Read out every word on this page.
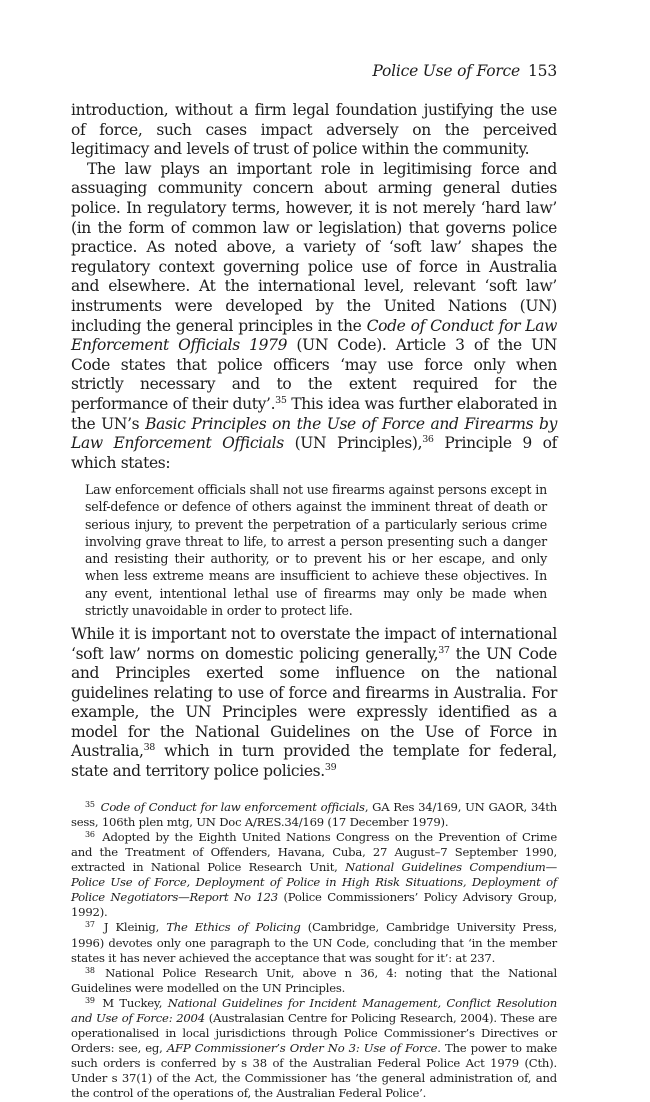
Police Use of Force 153

introduction, without a firm legal foundation justifying the use of force, such cases impact adversely on the perceived legitimacy and levels of trust of police within the community.

The law plays an important role in legitimising force and assuaging community concern about arming general duties police. In regulatory terms, however, it is not merely ‘hard law’ (in the form of common law or legislation) that governs police practice. As noted above, a variety of ‘soft law’ shapes the regulatory context governing police use of force in Australia and elsewhere. At the international level, relevant ‘soft law’ instruments were developed by the United Nations (UN) including the general principles in the Code of Conduct for Law Enforcement Officials 1979 (UN Code). Article 3 of the UN Code states that police officers ‘may use force only when strictly necessary and to the extent required for the performance of their duty’.$^{35}$ This idea was further elaborated in the UN’s Basic Principles on the Use of Force and Firearms by Law Enforcement Officials (UN Principles),$^{36}$ Principle 9 of which states:

Law enforcement officials shall not use firearms against persons except in self-defence or defence of others against the imminent threat of death or serious injury, to prevent the perpetration of a particularly serious crime involving grave threat to life, to arrest a person presenting such a danger and resisting their authority, or to prevent his or her escape, and only when less extreme means are insufficient to achieve these objectives. In any event, intentional lethal use of firearms may only be made when strictly unavoidable in order to protect life.

While it is important not to overstate the impact of international ‘soft law’ norms on domestic policing generally,$^{37}$ the UN Code and Principles exerted some influence on the national guidelines relating to use of force and firearms in Australia. For example, the UN Principles were expressly identified as a model for the National Guidelines on the Use of Force in Australia,$^{38}$ which in turn provided the template for federal, state and territory police policies.$^{39}$

$^{35}$ Code of Conduct for law enforcement officials, GA Res 34/169, UN GAOR, 34th sess, 106th plen mtg, UN Doc A/RES.34/169 (17 December 1979).

$^{36}$ Adopted by the Eighth United Nations Congress on the Prevention of Crime and the Treatment of Offenders, Havana, Cuba, 27 August–7 September 1990, extracted in National Police Research Unit, National Guidelines Compendium—Police Use of Force, Deployment of Police in High Risk Situations, Deployment of Police Negotiators—Report No 123 (Police Commissioners’ Policy Advisory Group, 1992).

$^{37}$ J Kleinig, The Ethics of Policing (Cambridge, Cambridge University Press, 1996) devotes only one paragraph to the UN Code, concluding that ‘in the member states it has never achieved the acceptance that was sought for it’: at 237.

$^{38}$ National Police Research Unit, above n 36, 4: noting that the National Guidelines were modelled on the UN Principles.

$^{39}$ M Tuckey, National Guidelines for Incident Management, Conflict Resolution and Use of Force: 2004 (Australasian Centre for Policing Research, 2004). These are operationalised in local jurisdictions through Police Commissioner’s Directives or Orders: see, eg, AFP Commissioner’s Order No 3: Use of Force. The power to make such orders is conferred by s 38 of the Australian Federal Police Act 1979 (Cth). Under s 37(1) of the Act, the Commissioner has ‘the general administration of, and the control of the operations of, the Australian Federal Police’.
